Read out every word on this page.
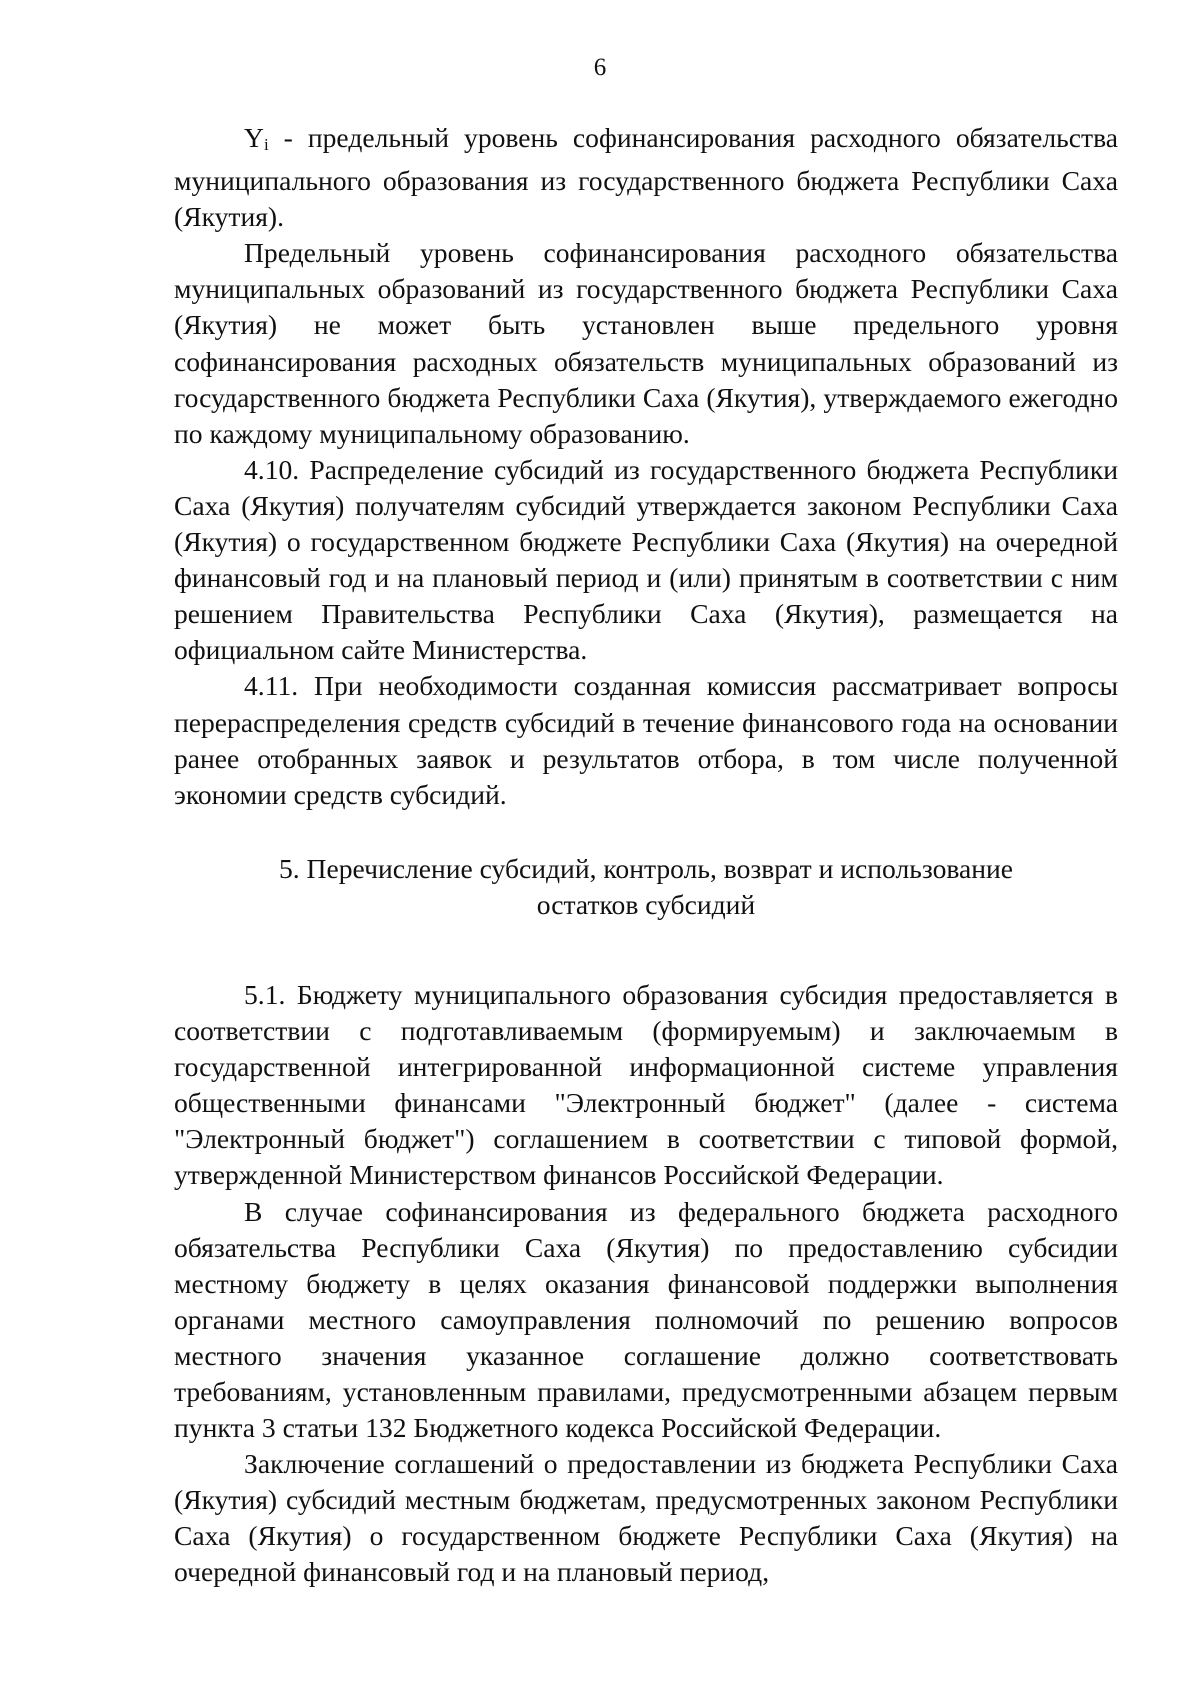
6

Yi - предельный уровень софинансирования расходного обязательства муниципального образования из государственного бюджета Республики Саха (Якутия).

Предельный уровень софинансирования расходного обязательства муниципальных образований из государственного бюджета Республики Саха (Якутия) не может быть установлен выше предельного уровня софинансирования расходных обязательств муниципальных образований из государственного бюджета Республики Саха (Якутия), утверждаемого ежегодно по каждому муниципальному образованию.

4.10. Распределение субсидий из государственного бюджета Республики Саха (Якутия) получателям субсидий утверждается законом Республики Саха (Якутия) о государственном бюджете Республики Саха (Якутия) на очередной финансовый год и на плановый период и (или) принятым в соответствии с ним решением Правительства Республики Саха (Якутия), размещается на официальном сайте Министерства.

4.11. При необходимости созданная комиссия рассматривает вопросы перераспределения средств субсидий в течение финансового года на основании ранее отобранных заявок и результатов отбора, в том числе полученной экономии средств субсидий.

5. Перечисление субсидий, контроль, возврат и использование
остатков субсидий

5.1. Бюджету муниципального образования субсидия предоставляется в соответствии с подготавливаемым (формируемым) и заключаемым в государственной интегрированной информационной системе управления общественными финансами "Электронный бюджет" (далее - система "Электронный бюджет") соглашением в соответствии с типовой формой, утвержденной Министерством финансов Российской Федерации.

В случае софинансирования из федерального бюджета расходного обязательства Республики Саха (Якутия) по предоставлению субсидии местному бюджету в целях оказания финансовой поддержки выполнения органами местного самоуправления полномочий по решению вопросов местного значения указанное соглашение должно соответствовать требованиям, установленным правилами, предусмотренными абзацем первым пункта 3 статьи 132 Бюджетного кодекса Российской Федерации.

Заключение соглашений о предоставлении из бюджета Республики Саха (Якутия) субсидий местным бюджетам, предусмотренных законом Республики Саха (Якутия) о государственном бюджете Республики Саха (Якутия) на очередной финансовый год и на плановый период,
